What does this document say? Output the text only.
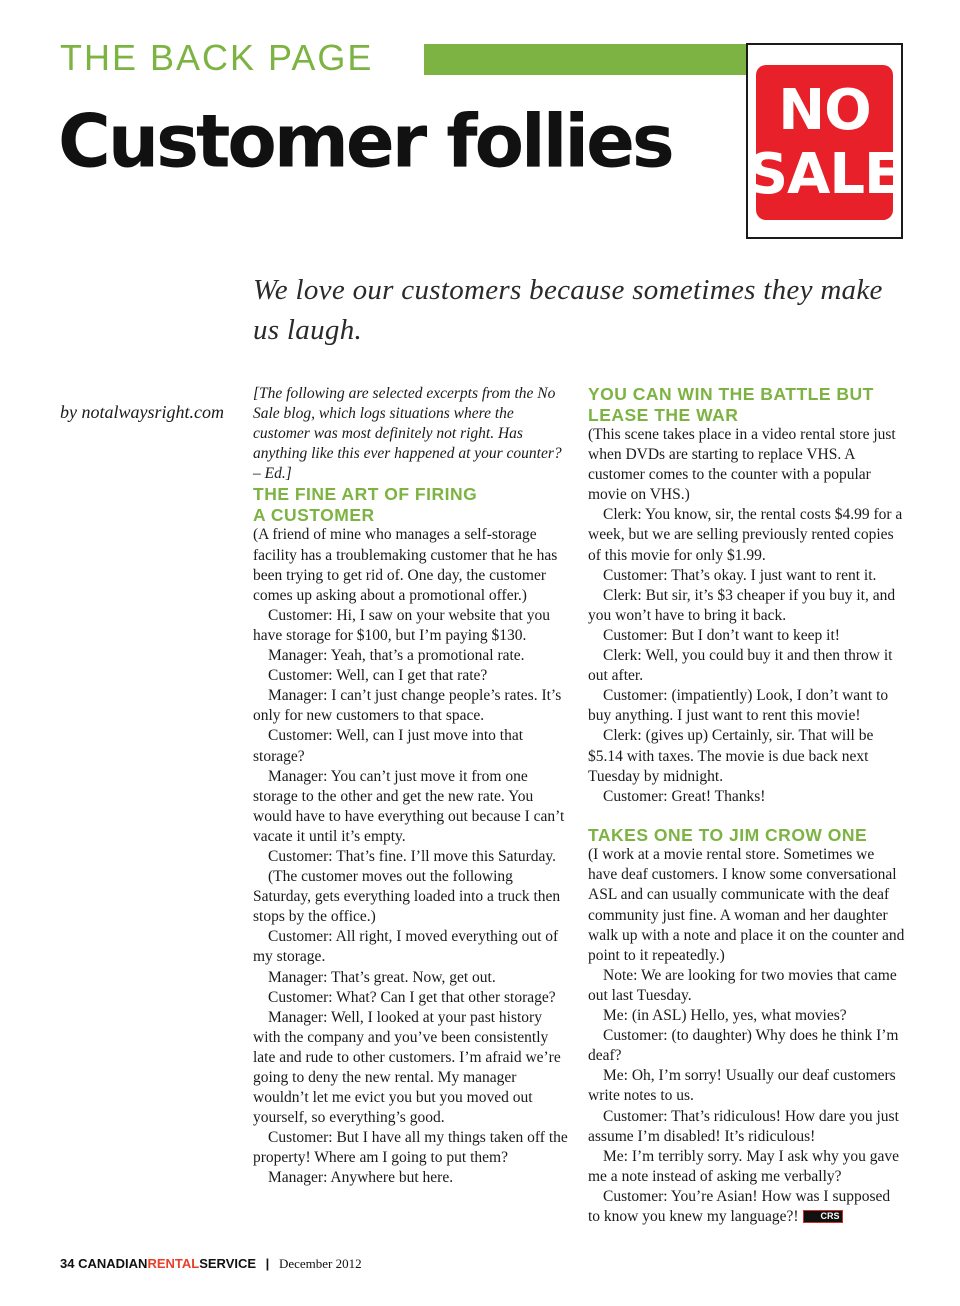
THE BACK PAGE
Customer follies NO
SALE
We love our customers because sometimes they make us laugh.
by notalwaysright.com

[The following are selected excerpts from the No Sale blog, which logs situations where the customer was most definitely not right. Has anything like this ever happened at your counter? – Ed.]

THE FINE ART OF FIRING
A CUSTOMER

(A friend of mine who manages a self-storage facility has a troublemaking customer that he has been trying to get rid of. One day, the customer comes up asking about a promotional offer.)

Customer: Hi, I saw on your website that you have storage for $100, but I’m paying $130.

Manager: Yeah, that’s a promotional rate.

Customer: Well, can I get that rate?

Manager: I can’t just change people’s rates. It’s only for new customers to that space.

Customer: Well, can I just move into that storage?

Manager: You can’t just move it from one storage to the other and get the new rate. You would have to have everything out because I can’t vacate it until it’s empty.

Customer: That’s fine. I’ll move this Saturday.

(The customer moves out the following Saturday, gets everything loaded into a truck then stops by the office.)

Customer: All right, I moved everything out of my storage.

Manager: That’s great. Now, get out.

Customer: What? Can I get that other storage?

Manager: Well, I looked at your past history with the company and you’ve been consistently late and rude to other customers. I’m afraid we’re going to deny the new rental. My manager wouldn’t let me evict you but you moved out yourself, so everything’s good.

Customer: But I have all my things taken off the property! Where am I going to put them?

Manager: Anywhere but here.

YOU CAN WIN THE BATTLE BUT
LEASE THE WAR

(This scene takes place in a video rental store just when DVDs are starting to replace VHS. A customer comes to the counter with a popular movie on VHS.)

Clerk: You know, sir, the rental costs $4.99 for a week, but we are selling previously rented copies of this movie for only $1.99.

Customer: That’s okay. I just want to rent it.

Clerk: But sir, it’s $3 cheaper if you buy it, and you won’t have to bring it back.

Customer: But I don’t want to keep it!

Clerk: Well, you could buy it and then throw it out after.

Customer: (impatiently) Look, I don’t want to buy anything. I just want to rent this movie!

Clerk: (gives up) Certainly, sir. That will be $5.14 with taxes. The movie is due back next Tuesday by midnight.

Customer: Great! Thanks!

TAKES ONE TO JIM CROW ONE

(I work at a movie rental store. Sometimes we have deaf customers. I know some conversational ASL and can usually communicate with the deaf community just fine. A woman and her daughter walk up with a note and place it on the counter and point to it repeatedly.)

Note: We are looking for two movies that came out last Tuesday.

Me: (in ASL) Hello, yes, what movies?

Customer: (to daughter) Why does he think I’m deaf?

Me: Oh, I’m sorry! Usually our deaf customers write notes to us.

Customer: That’s ridiculous! How dare you just assume I’m disabled! It’s ridiculous!

Me: I’m terribly sorry. May I ask why you gave me a note instead of asking me verbally?

Customer: You’re Asian! How was I supposed to know you knew my language?! CRS

34 CANADIANRENTALSERVICE | December 2012
